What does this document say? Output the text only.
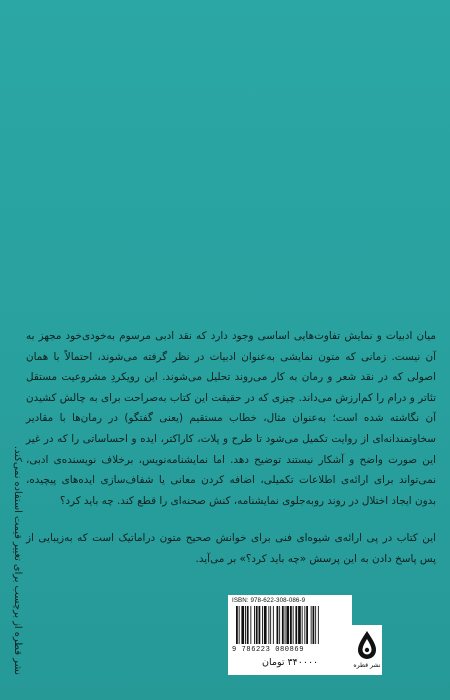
میان ادبیات و نمایش تفاوت‌هایی اساسی وجود دارد که نقد ادبی مرسوم به‌خودی‌خود مجهز به آن نیست. زمانی که متون نمایشی به‌عنوان ادبیات در نظر گرفته می‌شوند، احتمالاً با همان اصولی که در نقد شعر و رمان به کار می‌روند تحلیل می‌شوند. این رویکردِ مشروعیت مستقل تئاتر و درام را کم‌ارزش می‌داند. چیزی که در حقیقت این کتاب به‌صراحت برای به چالش کشیدن آن نگاشته شده است؛ به‌عنوان مثال، خطاب مستقیم (یعنی گفتگو) در رمان‌ها با مقادیر سخاوتمندانه‌ای از روایت تکمیل می‌شود تا طرح و پلات، کاراکتر، ایده و احساساتی را که در غیر این صورت واضح و آشکار نیستند توضیح دهد. اما نمایشنامه‌نویس، برخلاف نویسنده‌ی ادبی، نمی‌تواند برای ارائه‌ی اطلاعات تکمیلی، اضافه کردن معانی یا شفاف‌سازی ایده‌های پیچیده، بدون ایجاد اختلال در روند رو‌به‌جلوی نمایشنامه، کنش صحنه‌ای را قطع کند. چه باید کرد؟

این کتاب در پی ارائه‌ی شیوه‌ای فنی برای خوانش صحیح متون دراماتیک است که به‌زیبایی از پس پاسخ دادن به این پرسش «چه باید کرد؟» بر می‌آید.

نشر قطره از برچسب برای تغییر قیمت استفاده نمی‌کند.	ISBN: 978-622-308-086-9
9 786223 080869
۳۴۰۰۰۰ تومان	نشر قطره
